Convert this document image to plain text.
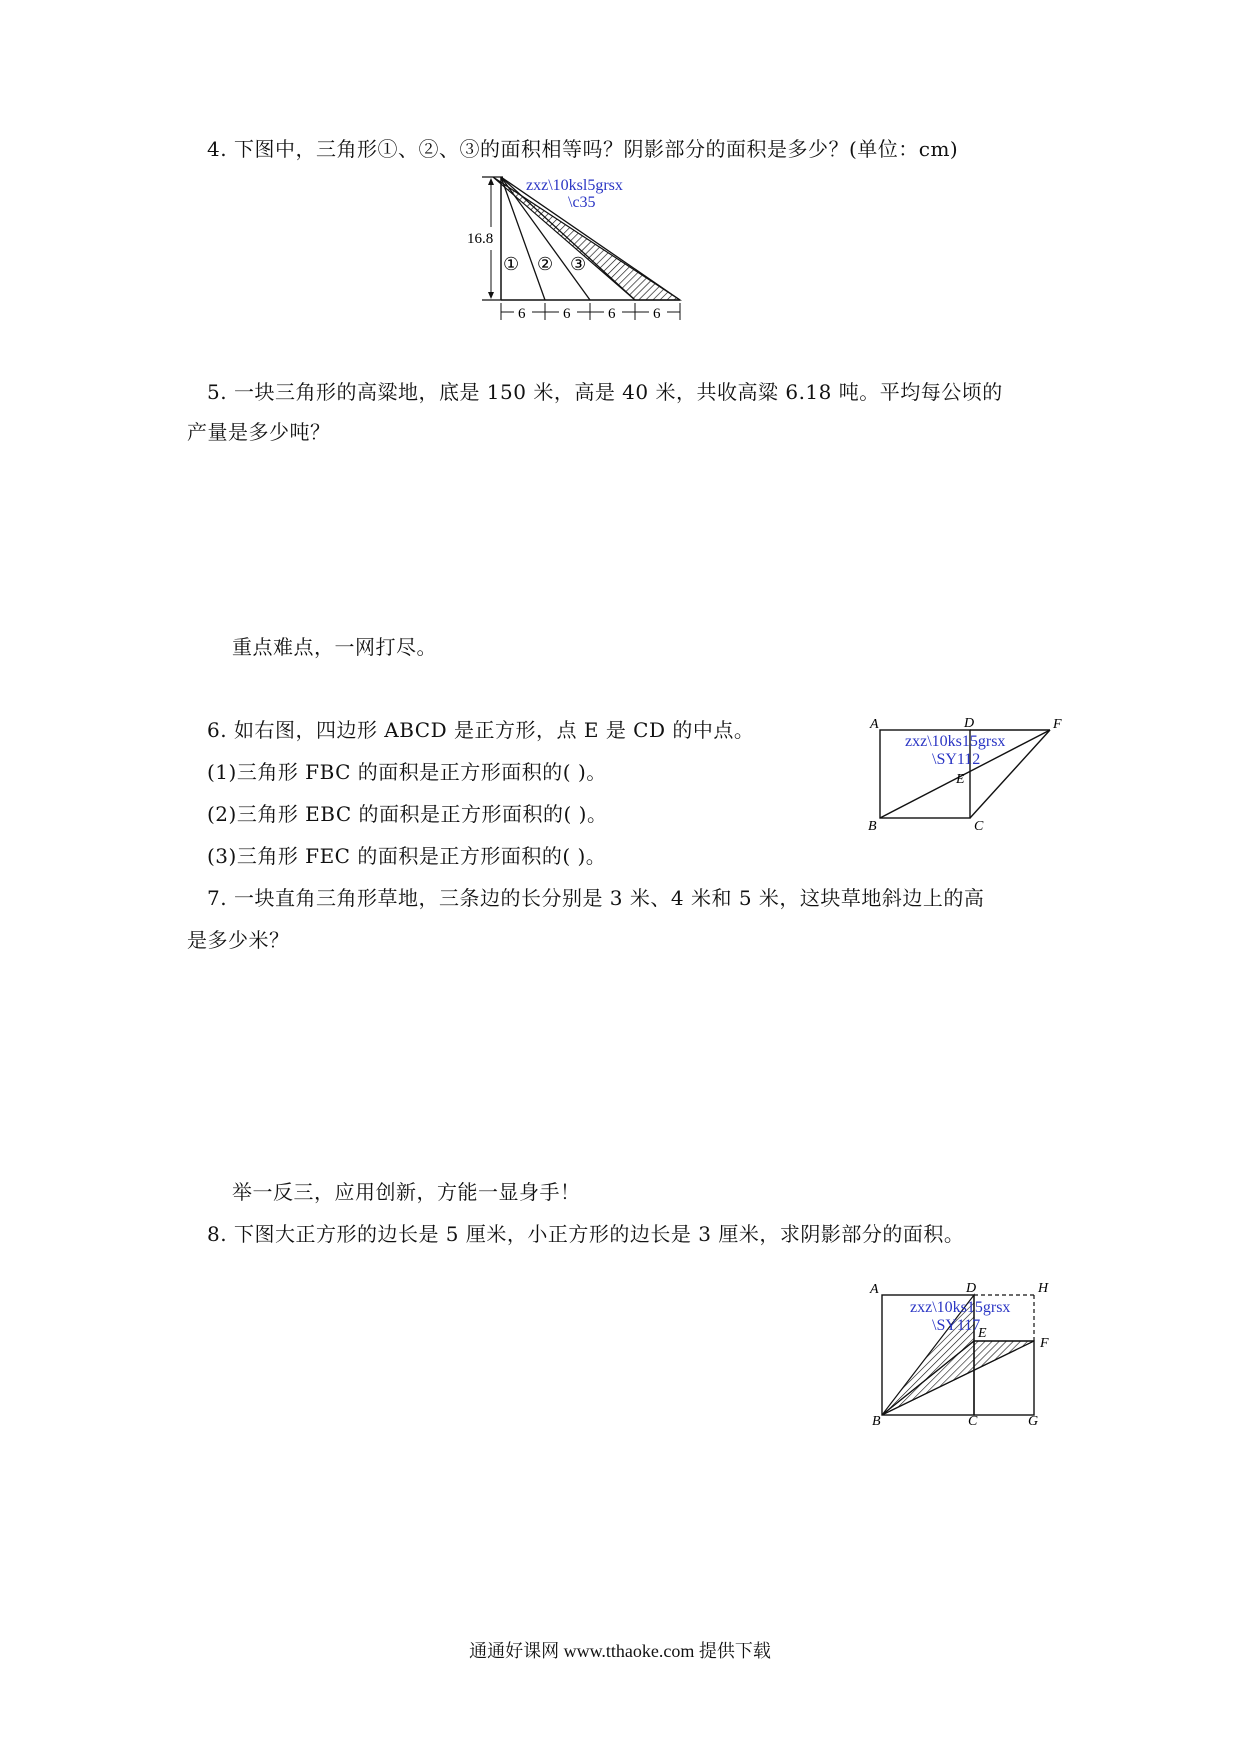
4. 下图中，三角形①、②、③的面积相等吗？阴影部分的面积是多少？(单位：cm)
16.8
6	6	6	6
① ② ③
zxz\10ksl5grsx
\c35
5. 一块三角形的高粱地，底是 150 米，高是 40 米，共收高粱 6.18 吨。平均每公顷的
产量是多少吨？
重点难点，一网打尽。
6. 如右图，四边形 ABCD 是正方形，点 E 是 CD 的中点。
(1)三角形 FBC 的面积是正方形面积的( )。
(2)三角形 EBC 的面积是正方形面积的( )。
(3)三角形 FEC 的面积是正方形面积的( )。
zxz\10ks15grsx
\SY112
A	D	F
E
B	C
7. 一块直角三角形草地，三条边的长分别是 3 米、4 米和 5 米，这块草地斜边上的高
是多少米？
举一反三，应用创新，方能一显身手！
8. 下图大正方形的边长是 5 厘米，小正方形的边长是 3 厘米，求阴影部分的面积。
zxz\10ks15grsx
\SY117
A	D	H
E
F
B	C	G
通通好课网 www.tthaoke.com 提供下载
